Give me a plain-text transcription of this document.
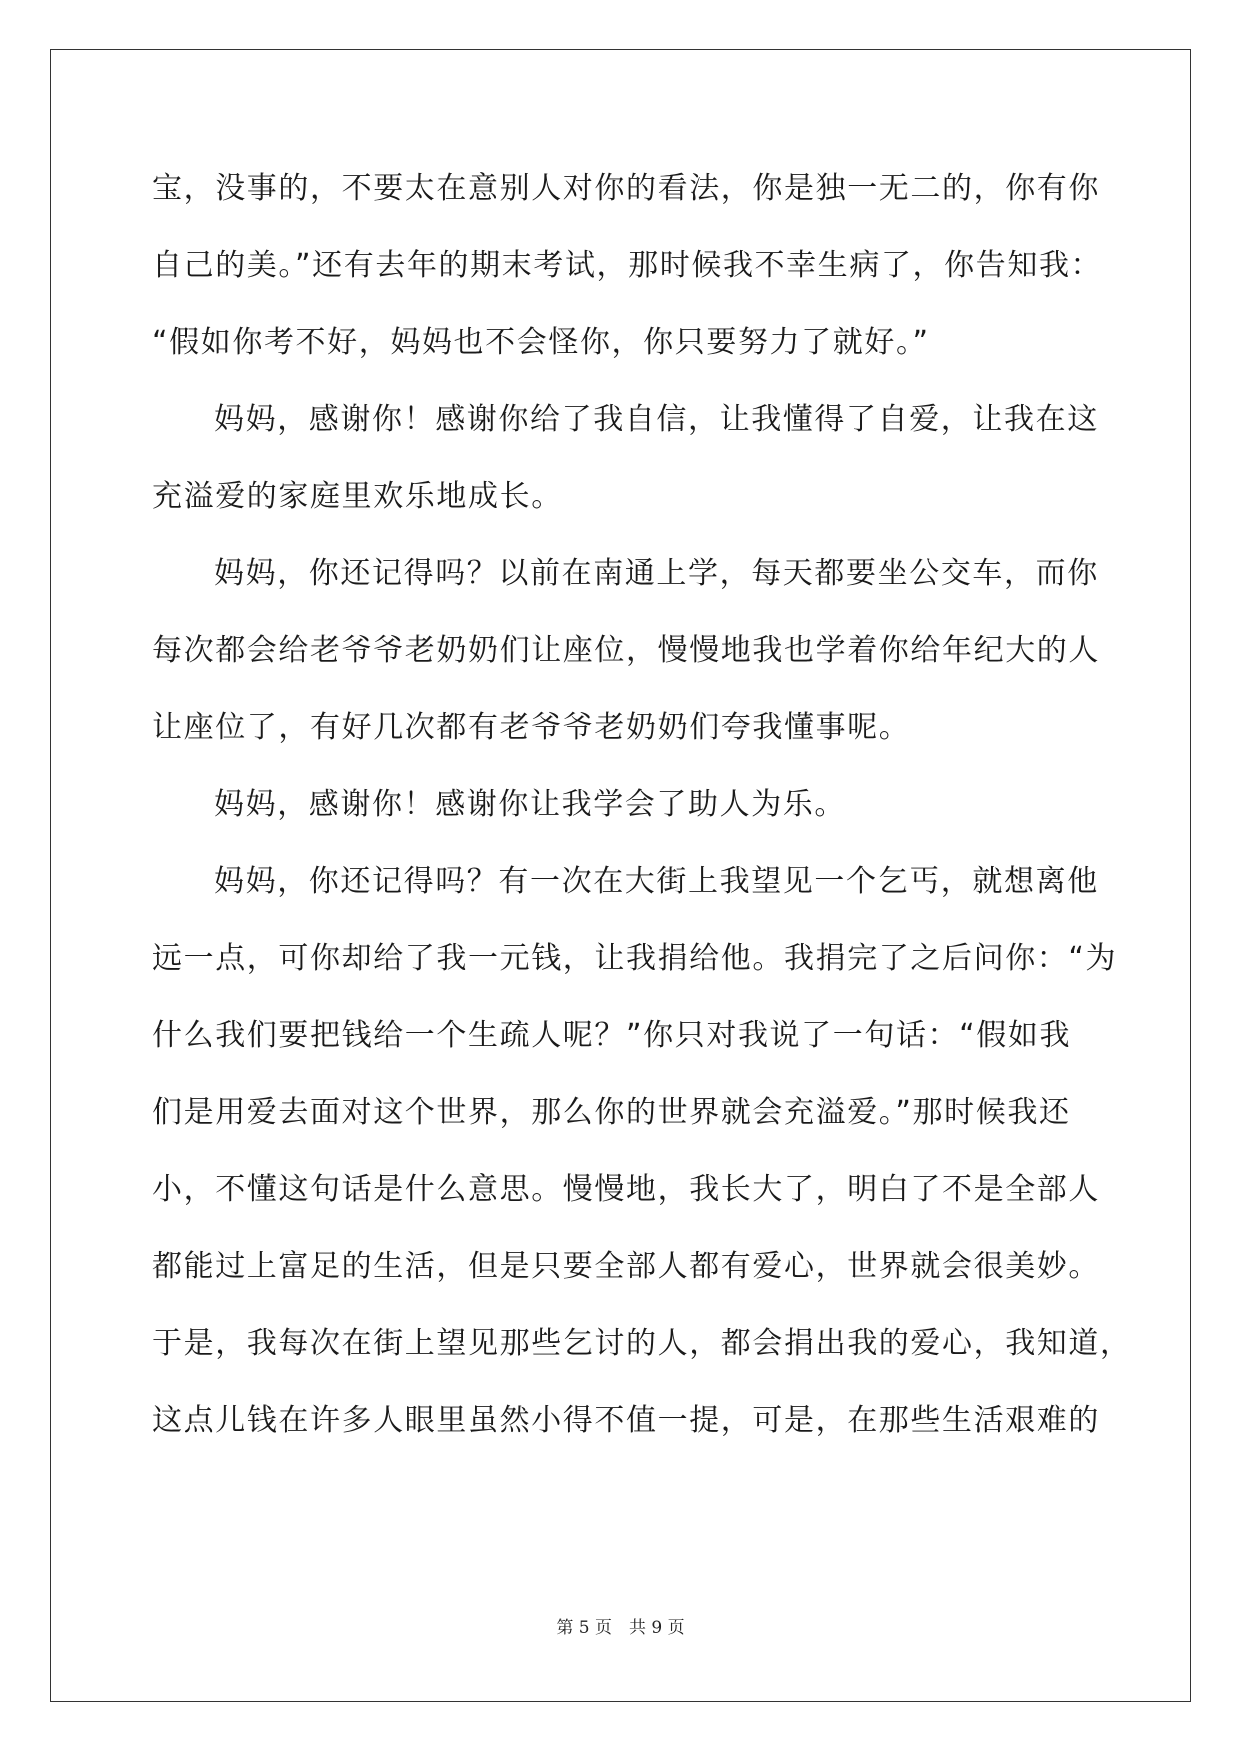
宝，没事的，不要太在意别人对你的看法，你是独一无二的，你有你
自己的美。”还有去年的期末考试，那时候我不幸生病了，你告知我：
“假如你考不好，妈妈也不会怪你，你只要努力了就好。”
妈妈，感谢你！感谢你给了我自信，让我懂得了自爱，让我在这
充溢爱的家庭里欢乐地成长。
妈妈，你还记得吗？以前在南通上学，每天都要坐公交车，而你
每次都会给老爷爷老奶奶们让座位，慢慢地我也学着你给年纪大的人
让座位了，有好几次都有老爷爷老奶奶们夸我懂事呢。
妈妈，感谢你！感谢你让我学会了助人为乐。
妈妈，你还记得吗？有一次在大街上我望见一个乞丐，就想离他
远一点，可你却给了我一元钱，让我捐给他。我捐完了之后问你：“为
什么我们要把钱给一个生疏人呢？”你只对我说了一句话：“假如我
们是用爱去面对这个世界，那么你的世界就会充溢爱。”那时候我还
小，不懂这句话是什么意思。慢慢地，我长大了，明白了不是全部人
都能过上富足的生活，但是只要全部人都有爱心，世界就会很美妙。
于是，我每次在街上望见那些乞讨的人，都会捐出我的爱心，我知道，
这点儿钱在许多人眼里虽然小得不值一提，可是，在那些生活艰难的
第 5 页　共 9 页
